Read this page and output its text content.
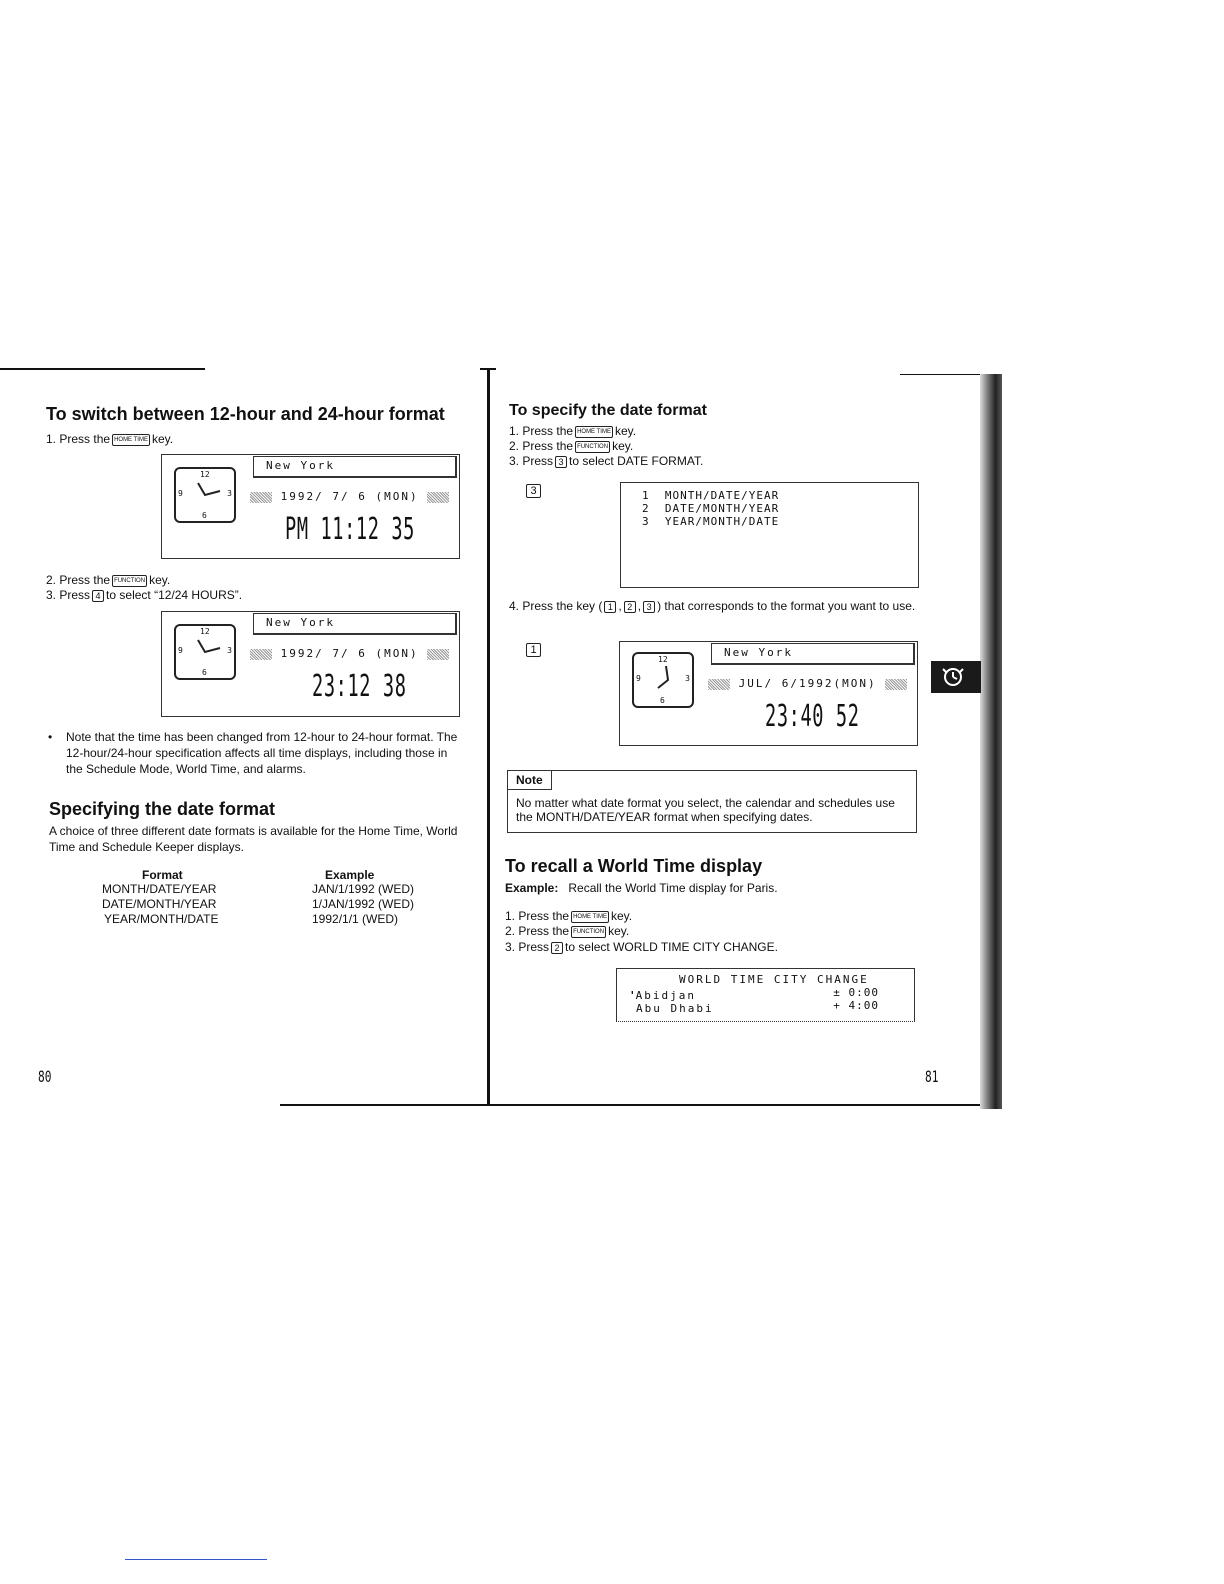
To switch between 12-hour and 24-hour format
1. Press the HOME TIME key.
12
9	3
6
New York
1992/ 7/ 6 (MON)
PM 11:12 35
2. Press the FUNCTION key.
3. Press 4 to select “12/24 HOURS”.
12
9	3
6
New York
1992/ 7/ 6 (MON)
23:12 38
• Note that the time has been changed from 12-hour to 24-hour format. The 12-hour/24-hour specification affects all time displays, including those in the Schedule Mode, World Time, and alarms.
Specifying the date format
A choice of three different date formats is available for the Home Time, World Time and Schedule Keeper displays.
Format	Example
MONTH/DATE/YEAR	JAN/1/1992 (WED)
DATE/MONTH/YEAR	1/JAN/1992 (WED)
YEAR/MONTH/DATE	1992/1/1 (WED)
80
To specify the date format
1. Press the HOME TIME key.
2. Press the FUNCTION key.
3. Press 3 to select DATE FORMAT.
3	1  MONTH/DATE/YEAR
2  DATE/MONTH/YEAR
3  YEAR/MONTH/DATE
4. Press the key ( 1 , 2 , 3 ) that corresponds to the format you want to use.
1
12
9	3
6
New York
JUL/ 6/1992(MON)
23:40 52
Note
No matter what date format you select, the calendar and schedules use the MONTH/DATE/YEAR format when specifying dates.
To recall a World Time display
Example: Recall the World Time display for Paris.
1. Press the HOME TIME key.
2. Press the FUNCTION key.
3. Press 2 to select WORLD TIME CITY CHANGE.
WORLD TIME CITY CHANGE
'Abidjan	± 0:00
Abu Dhabi	+ 4:00
81
